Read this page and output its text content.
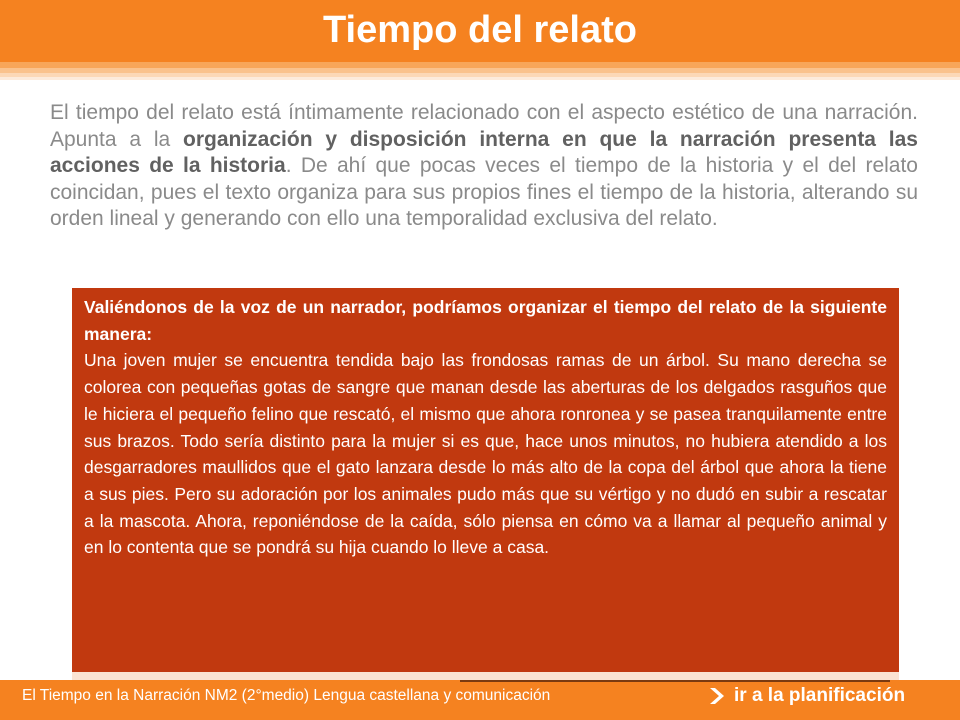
Tiempo del relato

El tiempo del relato está íntimamente relacionado con el aspecto estético de una narración. Apunta a la organización y disposición interna en que la narración presenta las acciones de la historia. De ahí que pocas veces el tiempo de la historia y el del relato coincidan, pues el texto organiza para sus propios fines el tiempo de la historia, alterando su orden lineal y generando con ello una temporalidad exclusiva del relato.

Valiéndonos de la voz de un narrador, podríamos organizar el tiempo del relato de la siguiente manera:

Una joven mujer se encuentra tendida bajo las frondosas ramas de un árbol. Su mano derecha se colorea con pequeñas gotas de sangre que manan desde las aberturas de los delgados rasguños que le hiciera el pequeño felino que rescató, el mismo que ahora ronronea y se pasea tranquilamente entre sus brazos. Todo sería distinto para la mujer si es que, hace unos minutos, no hubiera atendido a los desgarradores maullidos que el gato lanzara desde lo más alto de la copa del árbol que ahora la tiene a sus pies. Pero su adoración por los animales pudo más que su vértigo y no dudó en subir a rescatar a la mascota. Ahora, reponiéndose de la caída, sólo piensa en cómo va a llamar al pequeño animal y en lo contenta que se pondrá su hija cuando lo lleve a casa.

El Tiempo en la Narración NM2 (2°medio) Lengua castellana y comunicación	ir a la planificación
